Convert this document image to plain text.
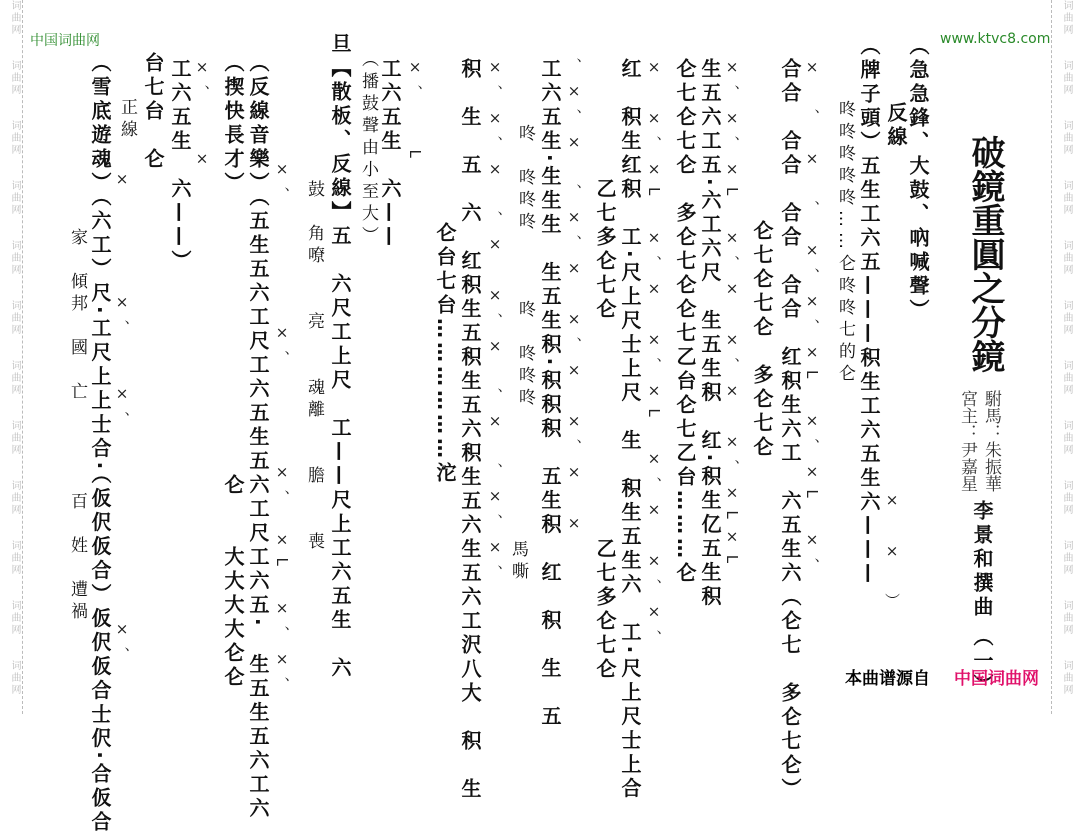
词曲网
词曲网
词曲网
词曲网
词曲网
词曲网
词曲网
词曲网
词曲网
词曲网
词曲网
词曲网
词曲网
词曲网
词曲网
词曲网
词曲网
词曲网
词曲网
词曲网
词曲网
词曲网
词曲网
词曲网
中国词曲网	www.ktvc8.com
破鏡重圓之分鏡
駙馬：朱振華
宮主：尹嘉星
李景和撰曲
（一）
（急急鋒、大鼓、吶喊聲）
反線
（牌子頭）五生工六五———积生工六五生六———
　咚咚咚咚咚……仑咚咚七的仑
合合　合合　合合　合合　红积生六工　六五生六（仑七　多仑七仑）
　　　　　　　　仑七仑七仑　多仑七仑
生五六工五·六工六尺　生五生积　红·积生亿五生积
仑七仑七仑　多仑七仑仑七乙台仑七乙台………仑
红　积生红积　工·尺上尺士上尺　生　积生五生六　工·尺上尺士上合
　　　　　乙七多仑七仑　　　　　　　　　乙七多仑七仑
工六五生·生生生　生五生积·积积积　五生积　红　积　生　五
　　　咚　咚咚咚　　　咚　咚咚咚
积　生　五　六　红积生五积生五六积生五六生五六工沢八大　积　生
　　　　　　仑台七台………………沱
馬嘶
工六五生　六——
（播鼓聲由小至大）
旦【散板、反線】五　六尺工上尺　工——尺上工六五生　六
　　　　　　鼓　角嘹　　亮　　魂離　　膽　　喪
（反線音樂）（五生五六工尺工六五生五六工尺工六五·　生五生五六工六
（揳快長才）　　　　　　　　　　　　仑　　大大大大仑仑
工六五生　六——）
台七台　仑
正線
（雪底遊魂）（六工）尺·工尺上上士合·（仮伬仮合）仮伬仮合士伬·合仮合
　　　　　　　　家　傾邦　國　亡　　　　百　姓　遭禍	　　　　　　　　　　　　　　×　×　）
×　、　×　、　×、×、×L　×、×L　×、
×、×、×L　×、×　×、×　×、×L×L
×　×、×L　×、×　×、×L　×、×　×、×、
、×、×　、×、×　×、×　×、×　×
×、×、×　、×　×、×　、×　、×、×、
×、　　L
×、　　　　　×、　　　　×、　×L　×、×、
×、　　×
×　　　　×、　　×、　　　　　　　　×、
本曲谱源自 中国词曲网
